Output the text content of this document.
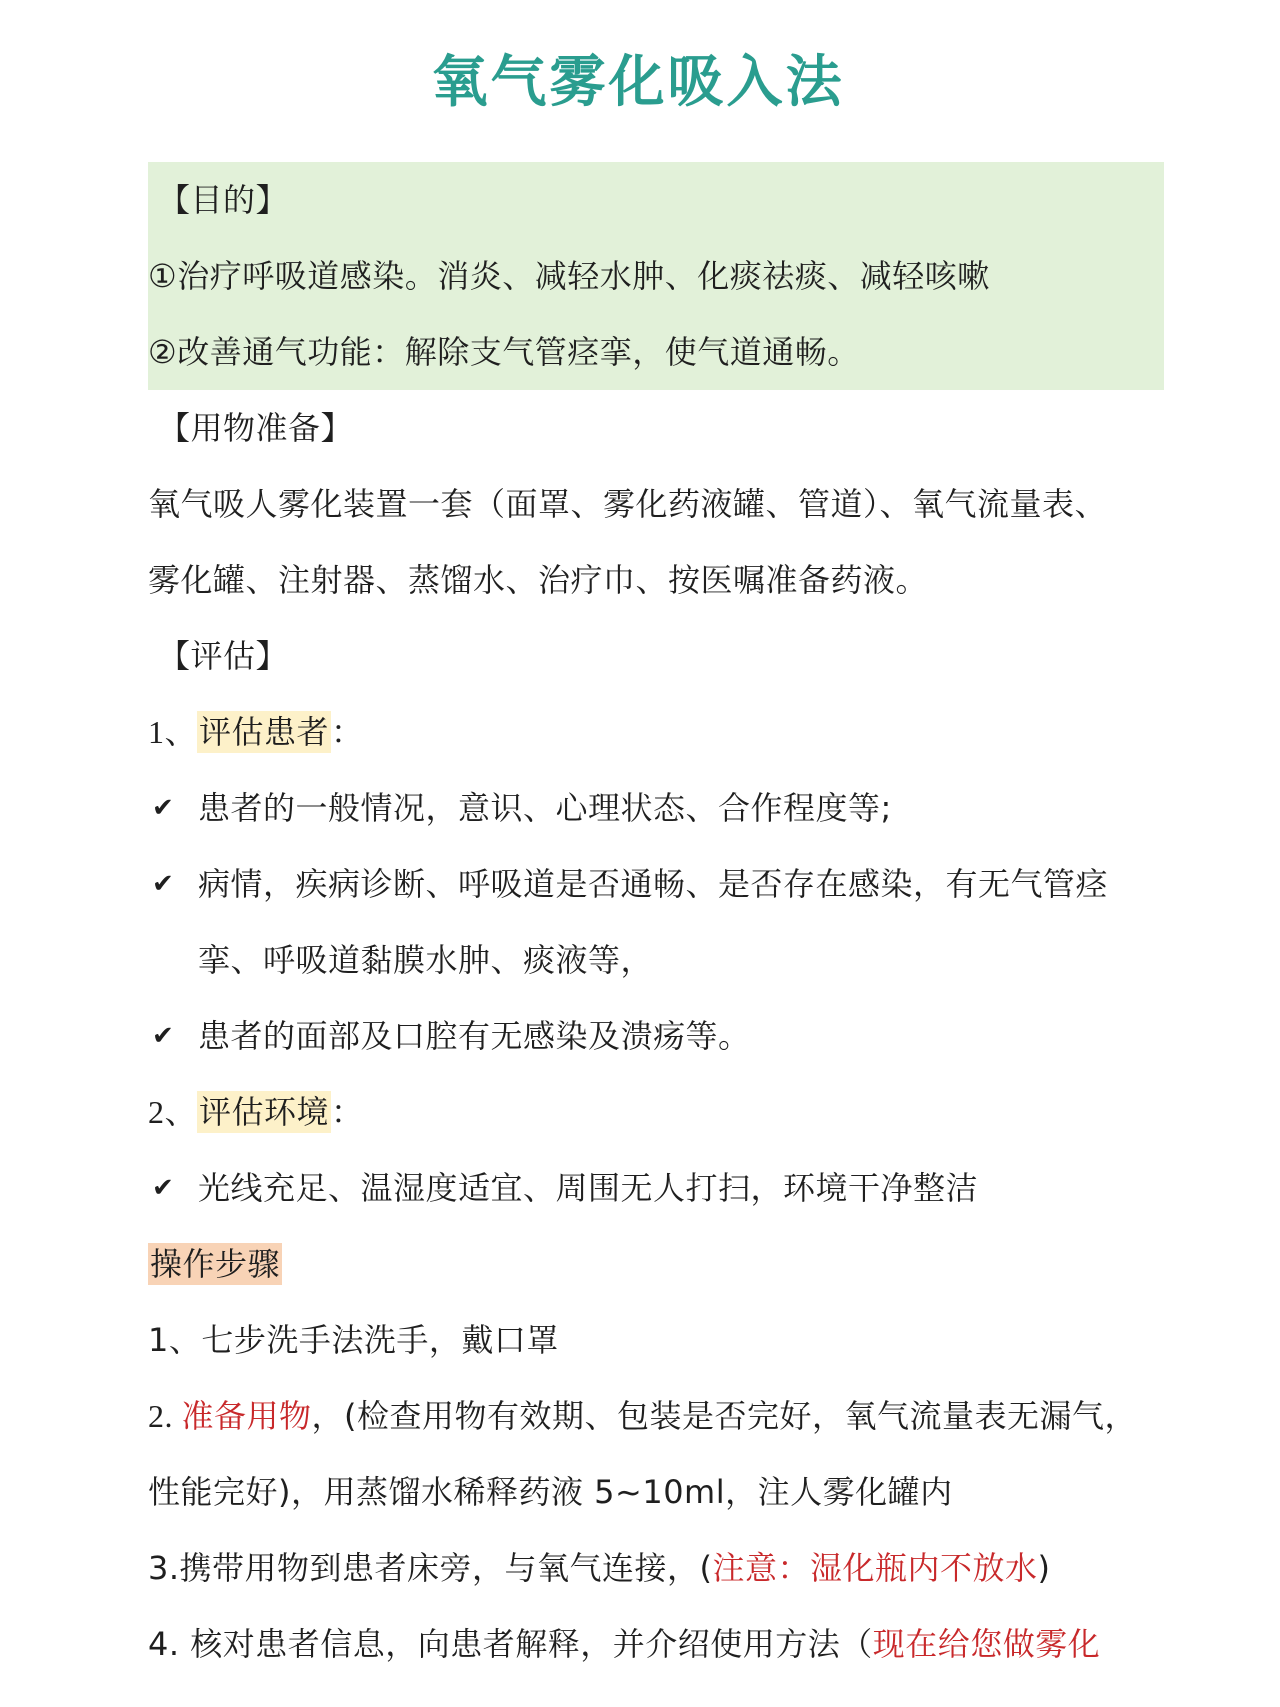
氧气雾化吸入法
【目的】
①治疗呼吸道感染。消炎、减轻水肿、化痰祛痰、减轻咳嗽
②改善通气功能：解除支气管痉挛，使气道通畅。
【用物准备】
氧气吸人雾化装置一套（面罩、雾化药液罐、管道）、氧气流量表、
雾化罐、注射器、蒸馏水、治疗巾、按医嘱准备药液。
【评估】
1、评估患者：
✔ 患者的一般情况，意识、心理状态、合作程度等;
✔ 病情，疾病诊断、呼吸道是否通畅、是否存在感染，有无气管痉
挛、呼吸道黏膜水肿、痰液等，
✔ 患者的面部及口腔有无感染及溃疡等。
2、评估环境：
✔ 光线充足、温湿度适宜、周围无人打扫，环境干净整洁
操作步骤
1、七步洗手法洗手，戴口罩
2. 准备用物，(检查用物有效期、包装是否完好，氧气流量表无漏气，
性能完好)，用蒸馏水稀释药液 5~10ml，注人雾化罐内
3.携带用物到患者床旁，与氧气连接，(注意：湿化瓶内不放水)
4. 核对患者信息，向患者解释，并介绍使用方法（现在给您做雾化
